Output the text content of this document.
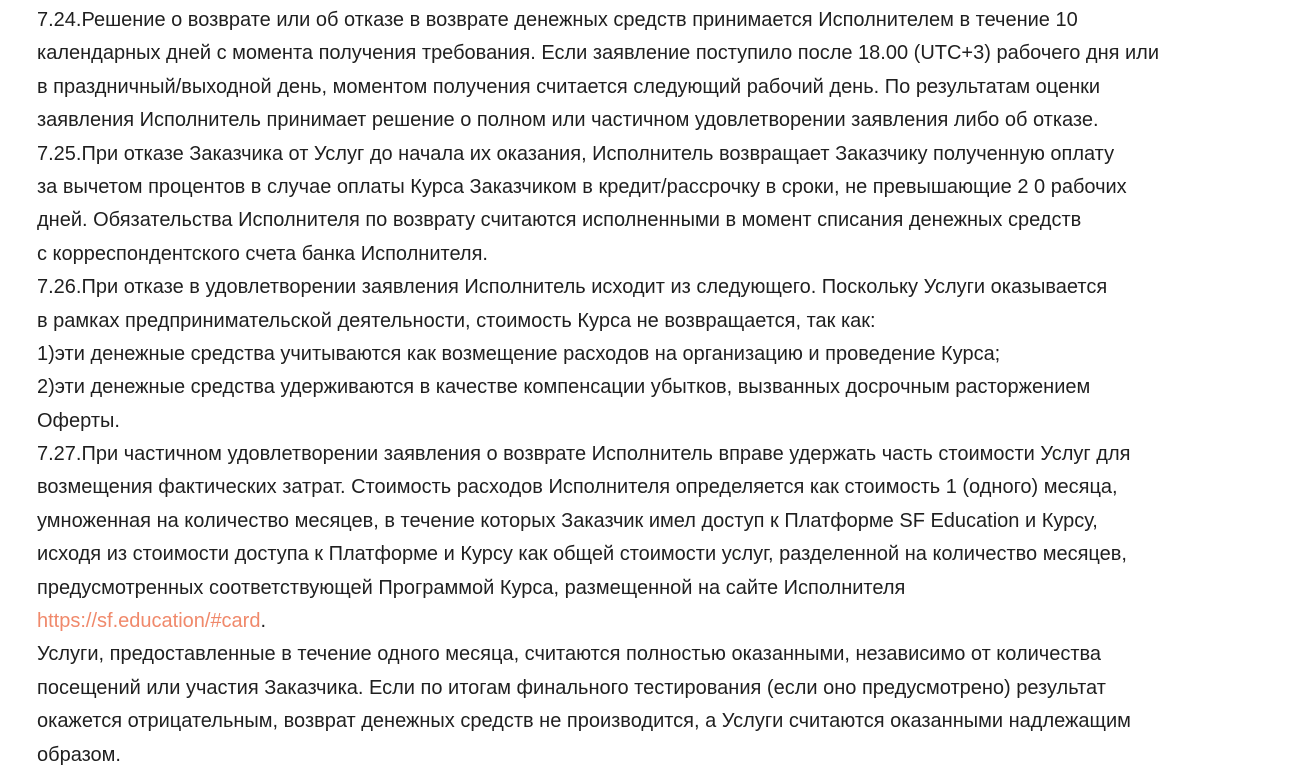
7.24.Решение о возврате или об отказе в возврате денежных средств принимается Исполнителем в течение 10
календарных дней с момента получения требования. Если заявление поступило после 18.00 (UTC+3) рабочего дня или
в праздничный/выходной день, моментом получения считается следующий рабочий день. По результатам оценки
заявления Исполнитель принимает решение о полном или частичном удовлетворении заявления либо об отказе.
7.25.При отказе Заказчика от Услуг до начала их оказания, Исполнитель возвращает Заказчику полученную оплату
за вычетом процентов в случае оплаты Курса Заказчиком в кредит/рассрочку в сроки, не превышающие 2 0 рабочих
дней. Обязательства Исполнителя по возврату считаются исполненными в момент списания денежных средств
с корреспондентского счета банка Исполнителя.
7.26.При отказе в удовлетворении заявления Исполнитель исходит из следующего. Поскольку Услуги оказывается
в рамках предпринимательской деятельности, стоимость Курса не возвращается, так как:
1)эти денежные средства учитываются как возмещение расходов на организацию и проведение Курса;
2)эти денежные средства удерживаются в качестве компенсации убытков, вызванных досрочным расторжением
Оферты.
7.27.При частичном удовлетворении заявления о возврате Исполнитель вправе удержать часть стоимости Услуг для
возмещения фактических затрат. Стоимость расходов Исполнителя определяется как стоимость 1 (одного) месяца,
умноженная на количество месяцев, в течение которых Заказчик имел доступ к Платформе SF Education и Курсу,
исходя из стоимости доступа к Платформе и Курсу как общей стоимости услуг, разделенной на количество месяцев,
предусмотренных соответствующей Программой Курса, размещенной на сайте Исполнителя
https://sf.education/#card.
Услуги, предоставленные в течение одного месяца, считаются полностью оказанными, независимо от количества
посещений или участия Заказчика. Если по итогам финального тестирования (если оно предусмотрено) результат
окажется отрицательным, возврат денежных средств не производится, а Услуги считаются оказанными надлежащим
образом.
